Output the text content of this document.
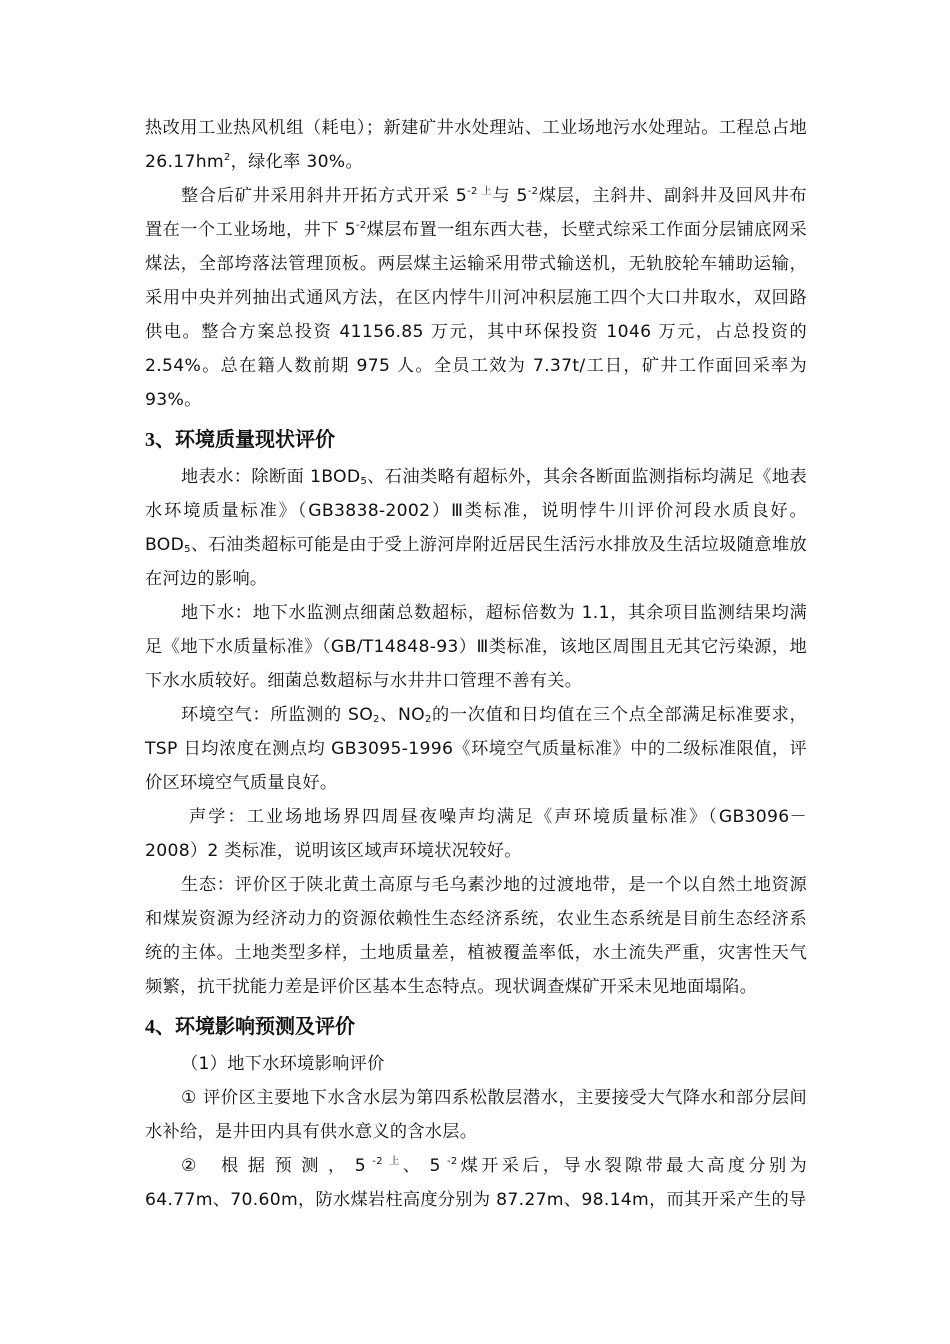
热改用工业热风机组（耗电）；新建矿井水处理站、工业场地污水处理站。工程总占地 $26.17hm^2$，绿化率 30%。

整合后矿井采用斜井开拓方式开采 $5^{-2 上}$与 $5^{-2}$煤层，主斜井、副斜井及回风井布置在一个工业场地，井下 $5^{-2}$煤层布置一组东西大巷，长壁式综采工作面分层铺底网采煤法，全部垮落法管理顶板。两层煤主运输采用带式输送机，无轨胶轮车辅助运输，采用中央并列抽出式通风方法，在区内悖牛川河冲积层施工四个大口井取水，双回路供电。整合方案总投资 41156.85 万元，其中环保投资 1046 万元，占总投资的 2.54%。总在籍人数前期 975 人。全员工效为 7.37t/工日，矿井工作面回采率为 93%。

3、环境质量现状评价

地表水：除断面 $1BOD_5$、石油类略有超标外，其余各断面监测指标均满足《地表水环境质量标准》（GB3838-2002）Ⅲ类标准，说明悖牛川评价河段水质良好。$BOD_5$、石油类超标可能是由于受上游河岸附近居民生活污水排放及生活垃圾随意堆放在河边的影响。

地下水：地下水监测点细菌总数超标，超标倍数为 1.1，其余项目监测结果均满足《地下水质量标准》（GB/T14848-93）Ⅲ类标准，该地区周围且无其它污染源，地下水水质较好。细菌总数超标与水井井口管理不善有关。

环境空气：所监测的 $SO_2$、$NO_2$的一次值和日均值在三个点全部满足标准要求，TSP 日均浓度在测点均 GB3095-1996《环境空气质量标准》中的二级标准限值，评价区环境空气质量良好。

声学：工业场地场界四周昼夜噪声均满足《声环境质量标准》（GB3096－2008）2 类标准，说明该区域声环境状况较好。

生态：评价区于陕北黄土高原与毛乌素沙地的过渡地带，是一个以自然土地资源和煤炭资源为经济动力的资源依赖性生态经济系统，农业生态系统是目前生态经济系统的主体。土地类型多样，土地质量差，植被覆盖率低，水土流失严重，灾害性天气频繁，抗干扰能力差是评价区基本生态特点。现状调查煤矿开采未见地面塌陷。

4、环境影响预测及评价

（1）地下水环境影响评价

① 评价区主要地下水含水层为第四系松散层潜水，主要接受大气降水和部分层间水补给，是井田内具有供水意义的含水层。

② 根据预测，$5^{-2 上}$、$5^{-2}$煤开采后，导水裂隙带最大高度分别为 64.77m、70.60m，防水煤岩柱高度分别为 87.27m、98.14m，而其开采产生的导
